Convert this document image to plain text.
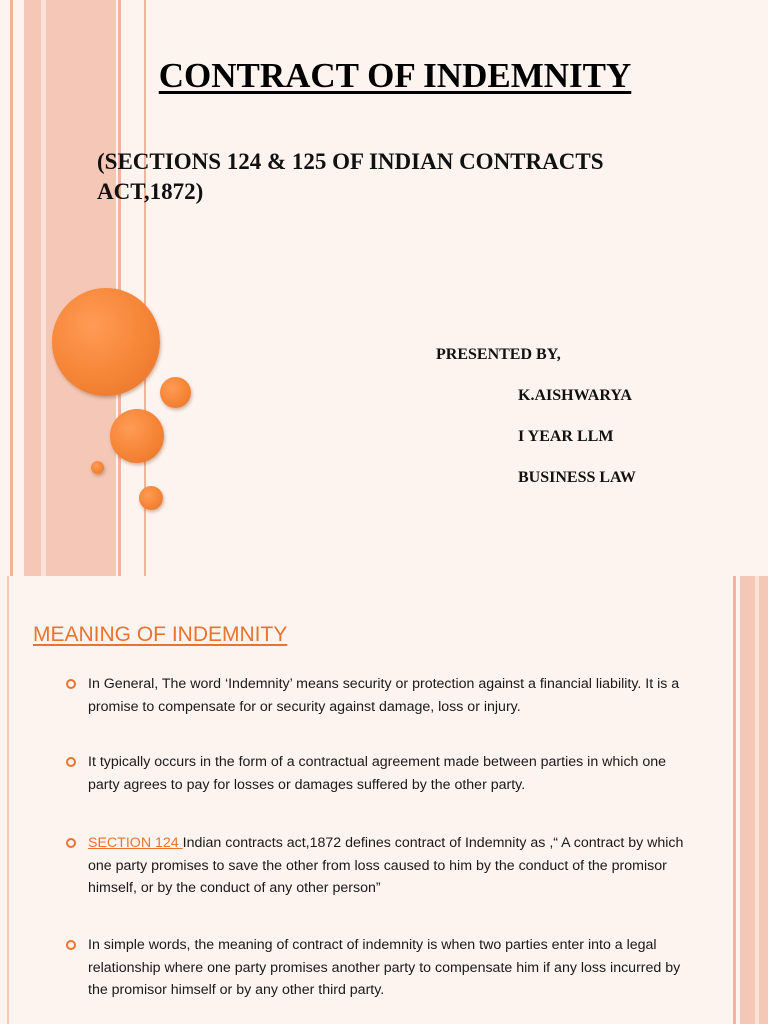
CONTRACT OF INDEMNITY
(SECTIONS 124 & 125 OF INDIAN CONTRACTS ACT,1872)
PRESENTED BY,
K.AISHWARYA
I YEAR LLM
BUSINESS LAW
MEANING OF INDEMNITY
In General, The word ‘Indemnity’ means security or protection against a financial liability. It is a promise to compensate for or security against damage, loss or injury.
It typically occurs in the form of a contractual agreement made between parties in which one party agrees to pay for losses or damages suffered by the other party.
SECTION 124 Indian contracts act,1872 defines contract of Indemnity as ,“ A contract by which one party promises to save the other from loss caused to him by the conduct of the promisor himself, or by the conduct of any other person”
In simple words, the meaning of contract of indemnity is when two parties enter into a legal relationship where one party promises another party to compensate him if any loss incurred by the promisor himself or by any other third party.
